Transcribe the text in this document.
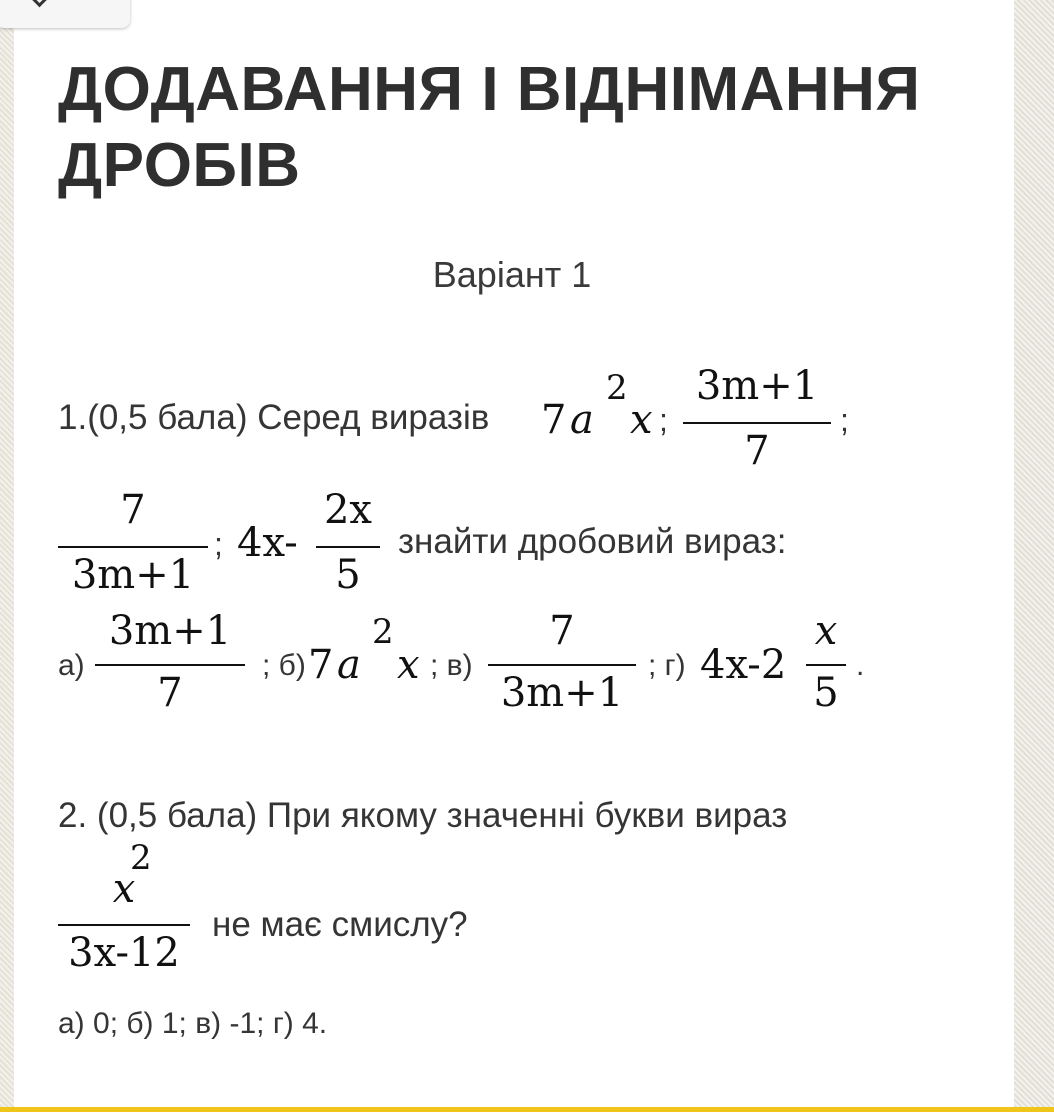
ДОДАВАННЯ І ВІДНІМАННЯ ДРОБІВ
Варіант 1
1.(0,5 бала) Серед виразів 7 a
2
x ;
3m+1
7
;
7
3m+1
; 4x-
2x
5
знайти дробовий вираз:
а)
3m+1
7
; б) 7 a
2
x ; в)
7
3m+1
; г) 4x-2
x
5
.
2. (0,5 бала) При якому значенні букви вираз
x
2
3x-12
не має смислу?
а) 0; б) 1; в) -1; г) 4.
